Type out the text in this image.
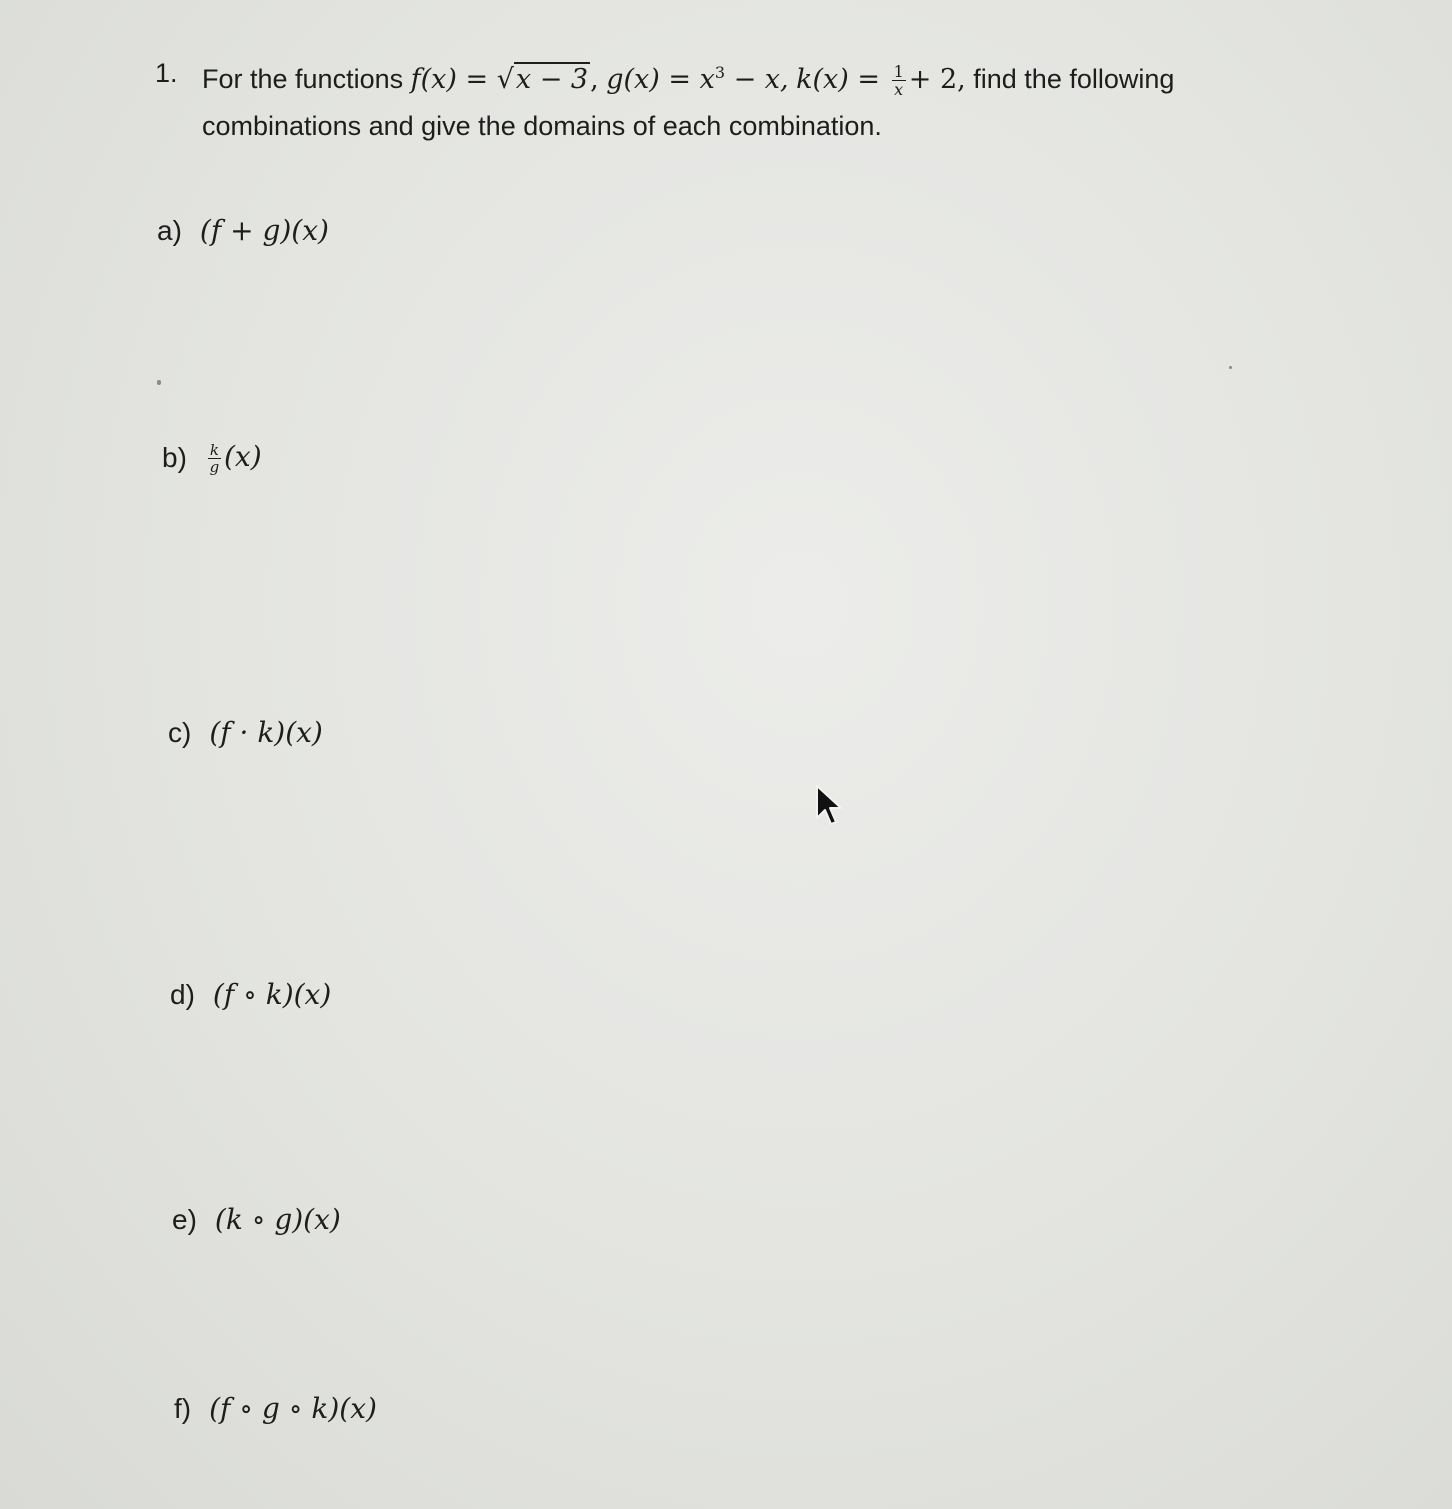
1. For the functions f(x) = √x − 3, $g(x) = x^3 - x$, $k(x) = \frac{1}{x} + 2$, find the following
combinations and give the domains of each combination.
a) (f + g)(x)
$b) \frac{k}{g} (x)$
c) (f · k)(x)
d) (f ∘ k)(x)
e) (k ∘ g)(x)
f) (f ∘ g ∘ k)(x)
